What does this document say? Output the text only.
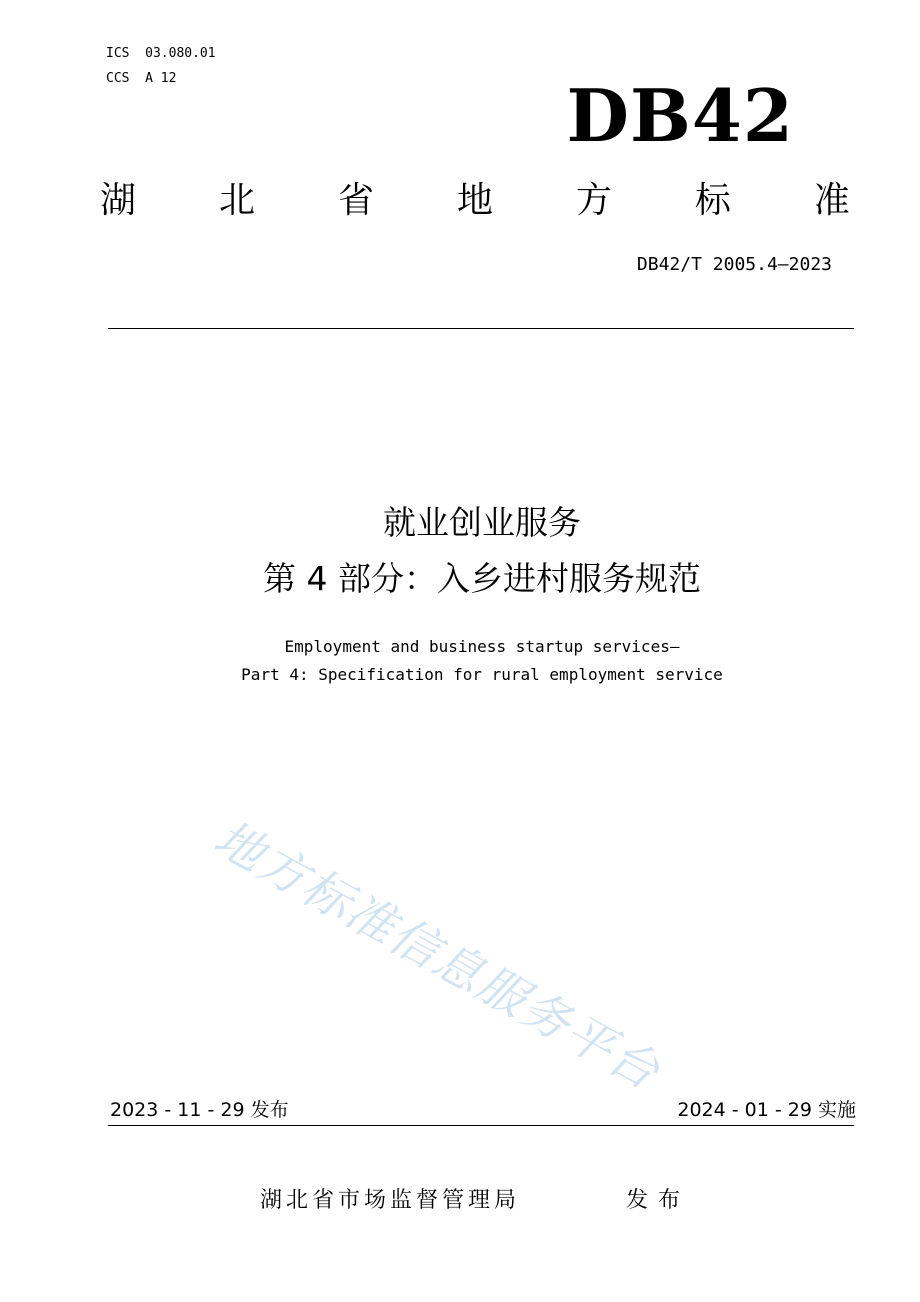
ICS  03.080.01
CCS  A 12	DB42
湖 北 省 地 方 标 准
DB42/T 2005.4—2023
就业创业服务
第 4 部分：入乡进村服务规范
Employment and business startup services—
Part 4: Specification for rural employment service
地方标准信息服务平台
2023 - 11 - 29 发布	2024 - 01 - 29 实施
湖北省市场监督管理局	发布
